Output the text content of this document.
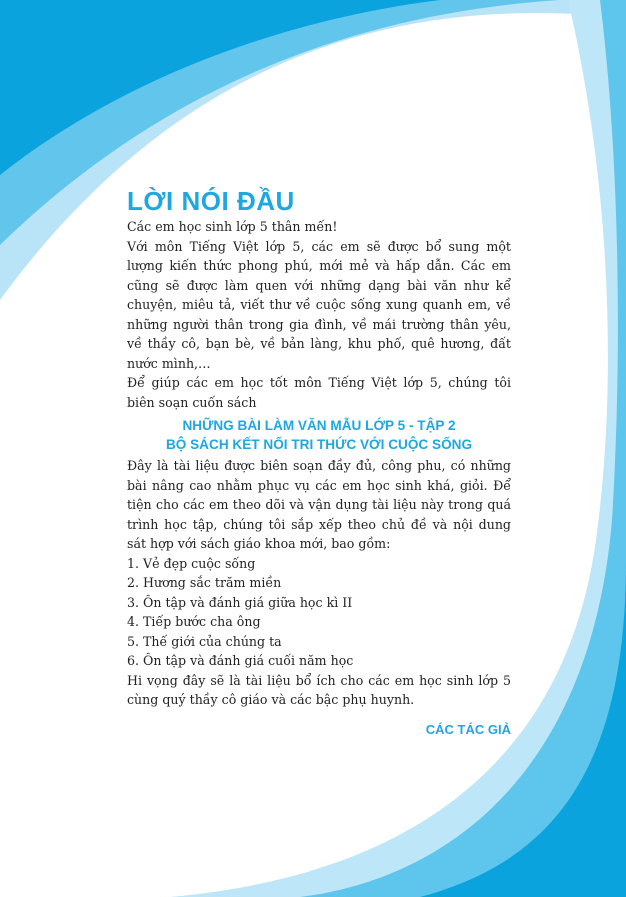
LỜI NÓI ĐẦU

Các em học sinh lớp 5 thân mến!

Với môn Tiếng Việt lớp 5, các em sẽ được bổ sung một lượng kiến thức phong phú, mới mẻ và hấp dẫn. Các em cũng sẽ được làm quen với những dạng bài văn như kể chuyện, miêu tả, viết thư về cuộc sống xung quanh em, về những người thân trong gia đình, về mái trường thân yêu, về thầy cô, bạn bè, về bản làng, khu phố, quê hương, đất nước mình,…

Để giúp các em học tốt môn Tiếng Việt lớp 5, chúng tôi biên soạn cuốn sách

NHỮNG BÀI LÀM VĂN MẪU LỚP 5 - TẬP 2
BỘ SÁCH KẾT NỐI TRI THỨC VỚI CUỘC SỐNG

Đây là tài liệu được biên soạn đầy đủ, công phu, có những bài nâng cao nhằm phục vụ các em học sinh khá, giỏi. Để tiện cho các em theo dõi và vận dụng tài liệu này trong quá trình học tập, chúng tôi sắp xếp theo chủ đề và nội dung sát hợp với sách giáo khoa mới, bao gồm:

1. Vẻ đẹp cuộc sống
2. Hương sắc trăm miền
3. Ôn tập và đánh giá giữa học kì II
4. Tiếp bước cha ông
5. Thế giới của chúng ta
6. Ôn tập và đánh giá cuối năm học

Hi vọng đây sẽ là tài liệu bổ ích cho các em học sinh lớp 5 cùng quý thầy cô giáo và các bậc phụ huynh.

CÁC TÁC GIẢ
